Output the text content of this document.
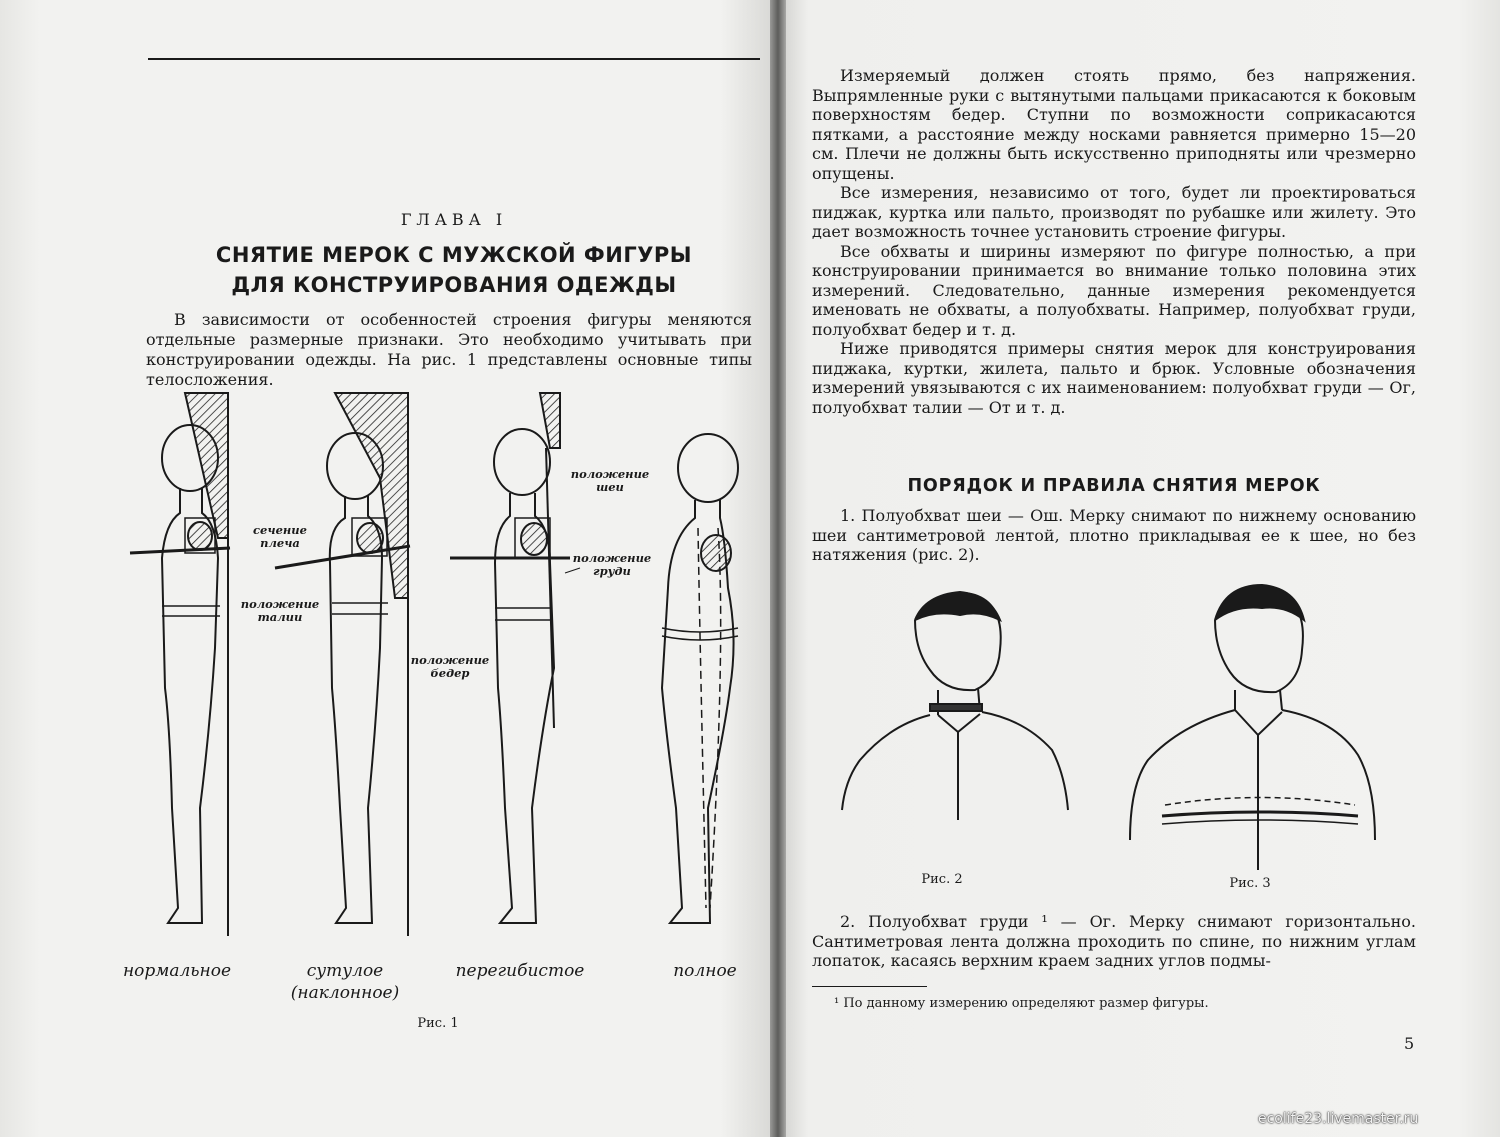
ГЛАВА I
СНЯТИЕ МЕРОК С МУЖСКОЙ ФИГУРЫ
ДЛЯ КОНСТРУИРОВАНИЯ ОДЕЖДЫ
В зависимости от особенностей строения фигуры меняются отдельные размерные признаки. Это необходимо учитывать при конструировании одежды. На рис. 1 представлены основные типы телосложения.
сечение плеча
положение талии
положение бедер
положение шеи
положение груди
нормальное	сутулое (наклонное)
перегибистое	полное
Рис. 1

Измеряемый должен стоять прямо, без напряжения. Выпрямленные руки с вытянутыми пальцами прикасаются к боковым поверхностям бедер. Ступни по возможности соприкасаются пятками, а расстояние между носками равняется примерно 15—20 см. Плечи не должны быть искусственно приподняты или чрезмерно опущены.

Все измерения, независимо от того, будет ли проектироваться пиджак, куртка или пальто, производят по рубашке или жилету. Это дает возможность точнее установить строение фигуры.

Все обхваты и ширины измеряют по фигуре полностью, а при конструировании принимается во внимание только половина этих измерений. Следовательно, данные измерения рекомендуется именовать не обхваты, а полуобхваты. Например, полуобхват груди, полуобхват бедер и т. д.

Ниже приводятся примеры снятия мерок для конструирования пиджака, куртки, жилета, пальто и брюк. Условные обозначения измерений увязываются с их наименованием: полуобхват груди — Ог, полуобхват талии — От и т. д.

ПОРЯДОК И ПРАВИЛА СНЯТИЯ МЕРОК

1. Полуобхват шеи — Ош. Мерку снимают по нижнему основанию шеи сантиметровой лентой, плотно прикладывая ее к шее, но без натяжения (рис. 2).

Рис. 2	Рис. 3

2. Полуобхват груди ¹ — Ог. Мерку снимают горизонтально. Сантиметровая лента должна проходить по спине, по нижним углам лопаток, касаясь верхним краем задних углов подмы-

¹ По данному измерению определяют размер фигуры.
5
ecolife23.livemaster.ru
